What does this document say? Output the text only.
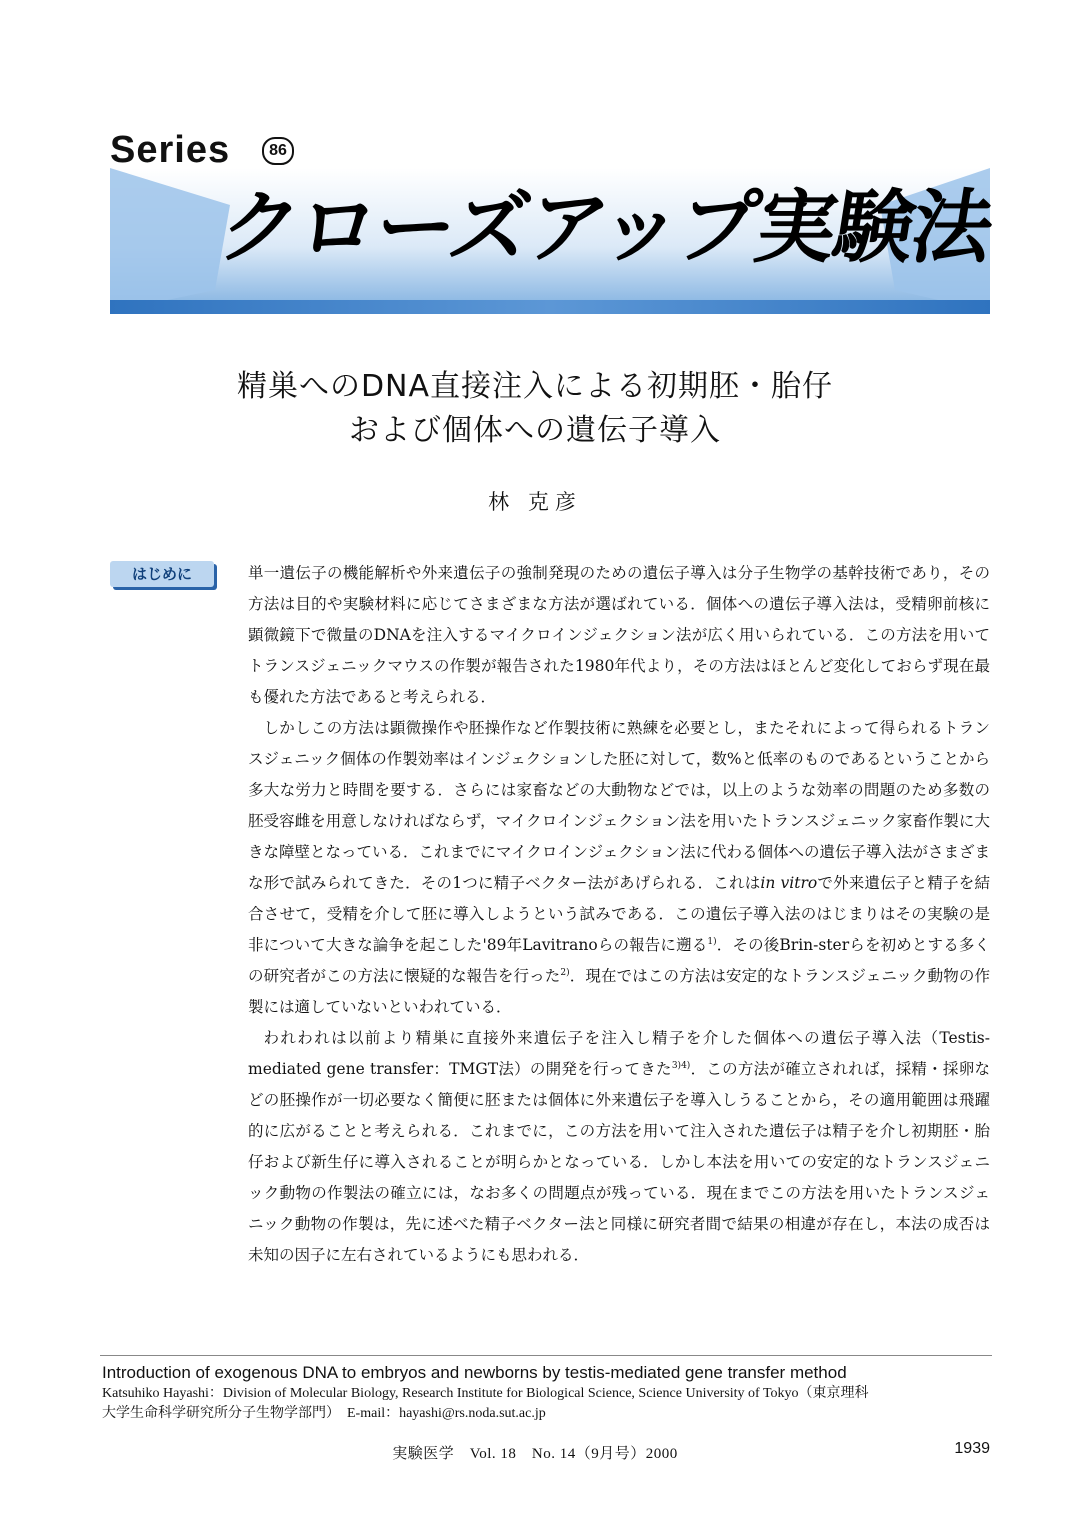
Series	86
クローズアップ実験法
精巣へのDNA直接注入による初期胚・胎仔
および個体への遺伝子導入
林 克彦
はじめに	単一遺伝子の機能解析や外来遺伝子の強制発現のための遺伝子導入は分子生物学の基幹技術であり，その方法は目的や実験材料に応じてさまざまな方法が選ばれている．個体への遺伝子導入法は，受精卵前核に顕微鏡下で微量のDNAを注入するマイクロインジェクション法が広く用いられている．この方法を用いてトランスジェニックマウスの作製が報告された1980年代より，その方法はほとんど変化しておらず現在最も優れた方法であると考えられる．

しかしこの方法は顕微操作や胚操作など作製技術に熟練を必要とし，またそれによって得られるトランスジェニック個体の作製効率はインジェクションした胚に対して，数%と低率のものであるということから多大な労力と時間を要する．さらには家畜などの大動物などでは，以上のような効率の問題のため多数の胚受容雌を用意しなければならず，マイクロインジェクション法を用いたトランスジェニック家畜作製に大きな障壁となっている．これまでにマイクロインジェクション法に代わる個体への遺伝子導入法がさまざまな形で試みられてきた．その1つに精子ベクター法があげられる．これはin vitroで外来遺伝子と精子を結合させて，受精を介して胚に導入しようという試みである．この遺伝子導入法のはじまりはその実験の是非について大きな論争を起こした'89年Lavitranoらの報告に遡る$^{1)}$．その後Brin-sterらを初めとする多くの研究者がこの方法に懐疑的な報告を行った$^{2)}$．現在ではこの方法は安定的なトランスジェニック動物の作製には適していないといわれている．

われわれは以前より精巣に直接外来遺伝子を注入し精子を介した個体への遺伝子導入法（Testis-mediated gene transfer：TMGT法）の開発を行ってきた$^{3)4)}$．この方法が確立されれば，採精・採卵などの胚操作が一切必要なく簡便に胚または個体に外来遺伝子を導入しうることから，その適用範囲は飛躍的に広がることと考えられる．これまでに，この方法を用いて注入された遺伝子は精子を介し初期胚・胎仔および新生仔に導入されることが明らかとなっている．しかし本法を用いての安定的なトランスジェニック動物の作製法の確立には，なお多くの問題点が残っている．現在までこの方法を用いたトランスジェニック動物の作製は，先に述べた精子ベクター法と同様に研究者間で結果の相違が存在し，本法の成否は未知の因子に左右されているようにも思われる．

Introduction of exogenous DNA to embryos and newborns by testis-mediated gene transfer method
Katsuhiko Hayashi：Division of Molecular Biology, Research Institute for Biological Science, Science University of Tokyo（東京理科
大学生命科学研究所分子生物学部門）　E-mail：hayashi@rs.noda.sut.ac.jp
実験医学　Vol. 18　No. 14（9月号）2000	1939
